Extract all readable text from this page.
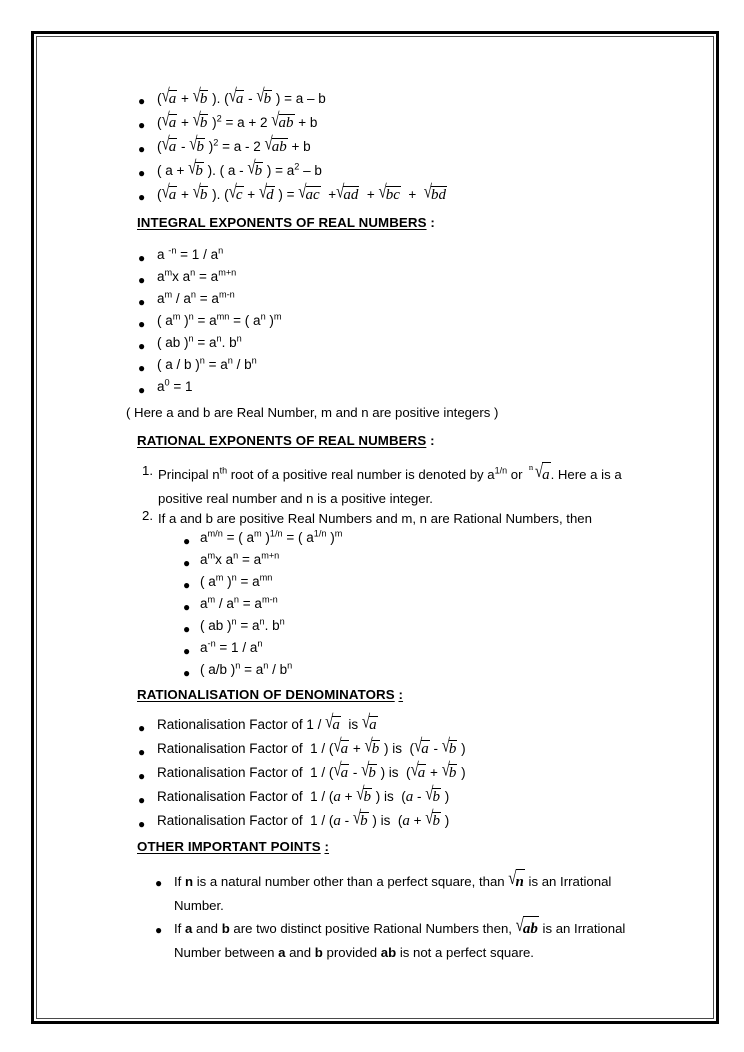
●
(√a + √b ). (√a - √b ) = a – b
●
(√a + √b )$^2$ = a + 2 √ab + b
●
(√a - √b )$^2$ = a - 2 √ab + b
●
( a + √b ). ( a - √b ) = $a^2$ – b
●
(√a + √b ). (√c + √d ) = √ac  +√ad  + √bc  +  √bd
INTEGRAL EXPONENTS OF REAL NUMBERS :
●
a $^{-n} = 1 / a^n$
●
$a^mx$ $a^n = a^{m+n}$
●
$a^m / a^n = a^{m-n}$
●
( $a^m$ )$^n = a^{mn}$ = ( $a^n$ )$^m$
●
( ab )$^n = a^n$. $b^n$
●
( a / b )$^n = a^n / b^n$
●
$a^0 = 1$
( Here a and b are Real Number, m and n are positive integers )
RATIONAL EXPONENTS OF REAL NUMBERS :
1. Principal $n^{th}$ root of a positive real number is denoted by $a^{1/n}$ or n √a. Here a is a positive real number and n is a positive integer.
2. If a and b are positive Real Numbers and m, n are Rational Numbers, then
●
$a^{m/n}$ = ( $a^m$ )$^{1/n}$ = ( $a^{1/n}$ )$^m$
●
$a^mx$ $a^n = a^{m+n}$
●
( $a^m$ )$^n = a^{mn}$
●
$a^m / a^n = a^{m-n}$
●
( ab )$^n = a^n$. $b^n$
●
$a^{-n} = 1 / a^n$
●
( a/b )$^n = a^n / b^n$
RATIONALISATION OF DENOMINATORS :
●
Rationalisation Factor of 1 / √a  is √a
●
Rationalisation Factor of  1 / (√a + √b ) is  (√a - √b )
●
Rationalisation Factor of  1 / (√a - √b ) is  (√a + √b )
●
Rationalisation Factor of  1 / (a + √b ) is  (a - √b )
●
Rationalisation Factor of  1 / (a - √b ) is  (a + √b )
OTHER IMPORTANT POINTS :
●
If n is a natural number other than a perfect square, than √n is an Irrational Number.
●
If a and b are two distinct positive Rational Numbers then, √ab is an Irrational Number between a and b provided ab is not a perfect square.
